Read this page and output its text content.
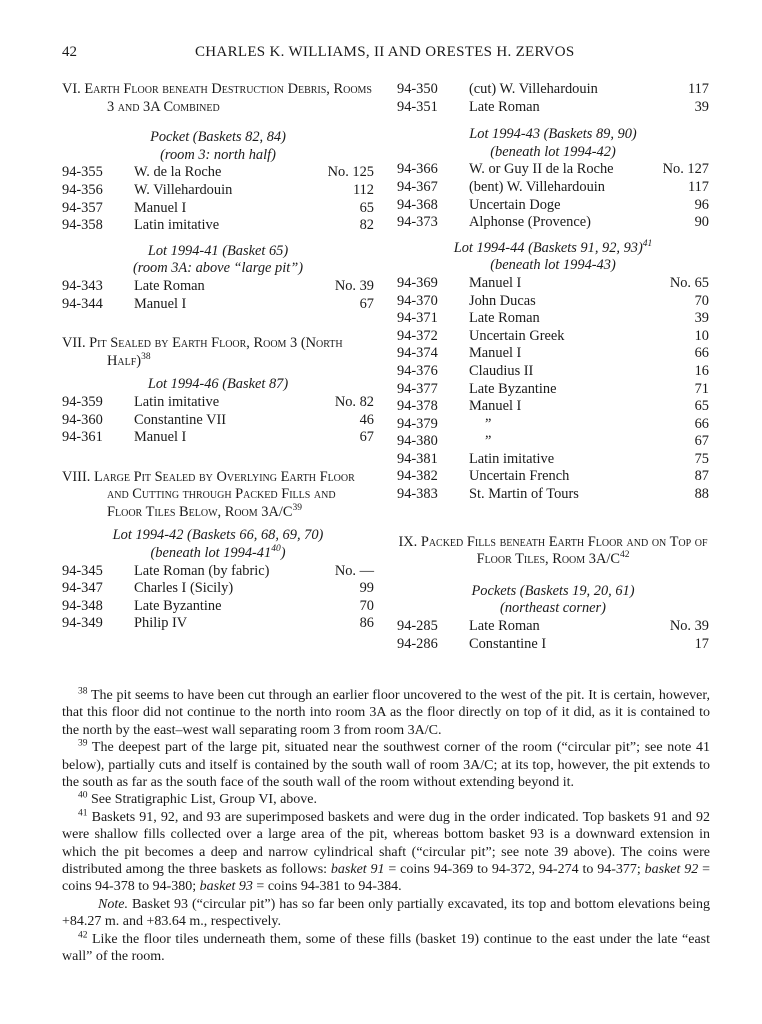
42	CHARLES K. WILLIAMS, II AND ORESTES H. ZERVOS

VI. Earth Floor beneath Destruction Debris, Rooms 3 and 3A Combined

Pocket (Baskets 82, 84)

(room 3: north half)

94-355	W. de la Roche	No. 125
94-356	W. Villehardouin	112
94-357	Manuel I	65
94-358	Latin imitative	82

Lot 1994-41 (Basket 65)

(room 3A: above “large pit”)

94-343	Late Roman	No. 39
94-344	Manuel I	67

VII. Pit Sealed by Earth Floor, Room 3 (North Half)$^{38}$

Lot 1994-46 (Basket 87)

94-359	Latin imitative	No. 82
94-360	Constantine VII	46
94-361	Manuel I	67

VIII. Large Pit Sealed by Overlying Earth Floor and Cutting through Packed Fills and Floor Tiles Below, Room $3A/C^{39}$

Lot 1994-42 (Baskets 66, 68, 69, 70)

(beneath lot $1994-41^{40}$)

94-345	Late Roman (by fabric)	No. —
94-347	Charles I (Sicily)	99
94-348	Late Byzantine	70
94-349	Philip IV	86
94-350	(cut) W. Villehardouin	117
94-351	Late Roman	39

Lot 1994-43 (Baskets 89, 90)

(beneath lot 1994-42)

94-366	W. or Guy II de la Roche	No. 127
94-367	(bent) W. Villehardouin	117
94-368	Uncertain Doge	96
94-373	Alphonse (Provence)	90

Lot 1994-44 (Baskets 91, 92, 93)$^{41}$

(beneath lot 1994-43)

94-369	Manuel I	No. 65
94-370	John Ducas	70
94-371	Late Roman	39
94-372	Uncertain Greek	10
94-374	Manuel I	66
94-376	Claudius II	16
94-377	Late Byzantine	71
94-378	Manuel I	65
94-379	”	66
94-380	”	67
94-381	Latin imitative	75
94-382	Uncertain French	87
94-383	St. Martin of Tours	88

IX. Packed Fills beneath Earth Floor and on Top of Floor Tiles, Room $3A/C^{42}$

Pockets (Baskets 19, 20, 61)

(northeast corner)

94-285	Late Roman	No. 39
94-286	Constantine I	17

$^{38}$ The pit seems to have been cut through an earlier floor uncovered to the west of the pit. It is certain, however, that this floor did not continue to the north into room 3A as the floor directly on top of it did, as it is contained to the north by the east–west wall separating room 3 from room 3A/C.

$^{39}$ The deepest part of the large pit, situated near the southwest corner of the room (“circular pit”; see note 41 below), partially cuts and itself is contained by the south wall of room 3A/C; at its top, however, the pit extends to the south as far as the south face of the south wall of the room without extending beyond it.

$^{40}$ See Stratigraphic List, Group VI, above.

$^{41}$ Baskets 91, 92, and 93 are superimposed baskets and were dug in the order indicated. Top baskets 91 and 92 were shallow fills collected over a large area of the pit, whereas bottom basket 93 is a downward extension in which the pit becomes a deep and narrow cylindrical shaft (“circular pit”; see note 39 above). The coins were distributed among the three baskets as follows: basket 91 = coins 94-369 to 94-372, 94-274 to 94-377; basket 92 = coins 94-378 to 94-380; basket 93 = coins 94-381 to 94-384.

Note. Basket 93 (“circular pit”) has so far been only partially excavated, its top and bottom elevations being +84.27 m. and +83.64 m., respectively.

$^{42}$ Like the floor tiles underneath them, some of these fills (basket 19) continue to the east under the late “east wall” of the room.
